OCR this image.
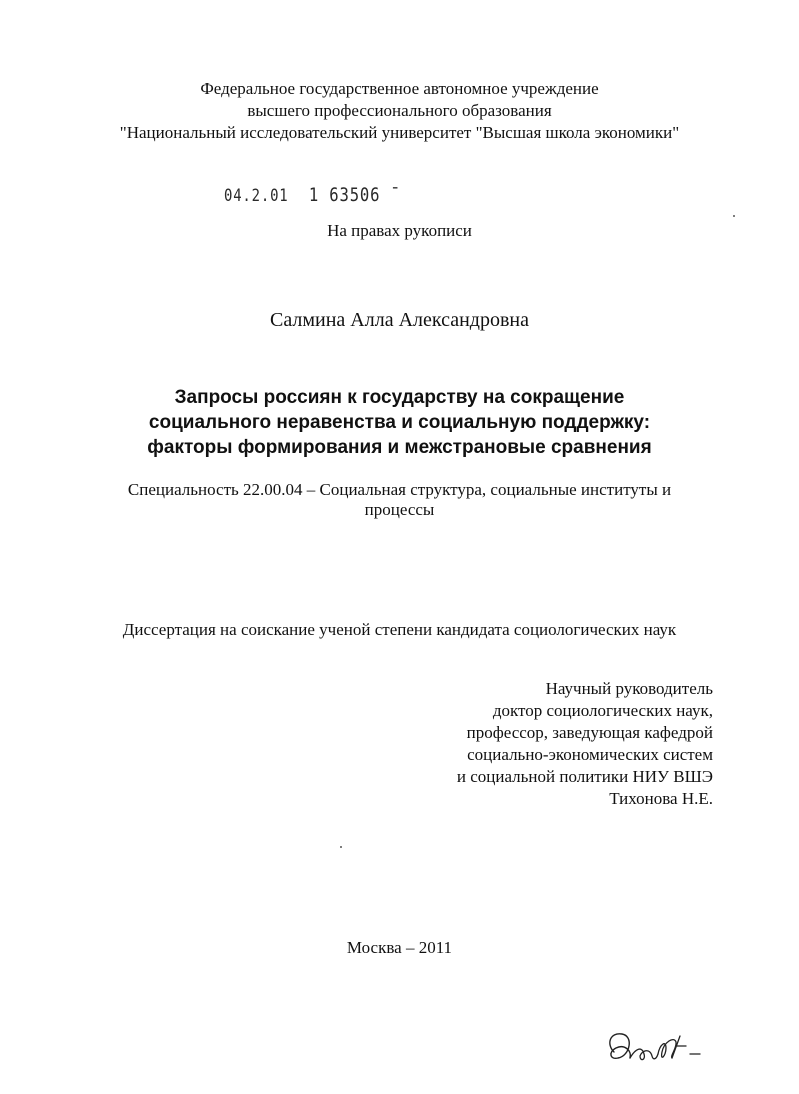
Федеральное государственное автономное учреждение
высшего профессионального образования
"Национальный исследовательский университет "Высшая школа экономики"
04.2.01 1 63506 ˉ
На правах рукописи
Салмина Алла Александровна
Запросы россиян к государству на сокращение
социального неравенства и социальную поддержку:
факторы формирования и межстрановые сравнения
Специальность 22.00.04 – Социальная структура, социальные институты и
процессы
Диссертация на соискание ученой степени кандидата социологических наук
Научный руководитель
доктор социологических наук,
профессор, заведующая кафедрой
социально-экономических систем
и социальной политики НИУ ВШЭ
Тихонова Н.Е.
Москва – 2011
